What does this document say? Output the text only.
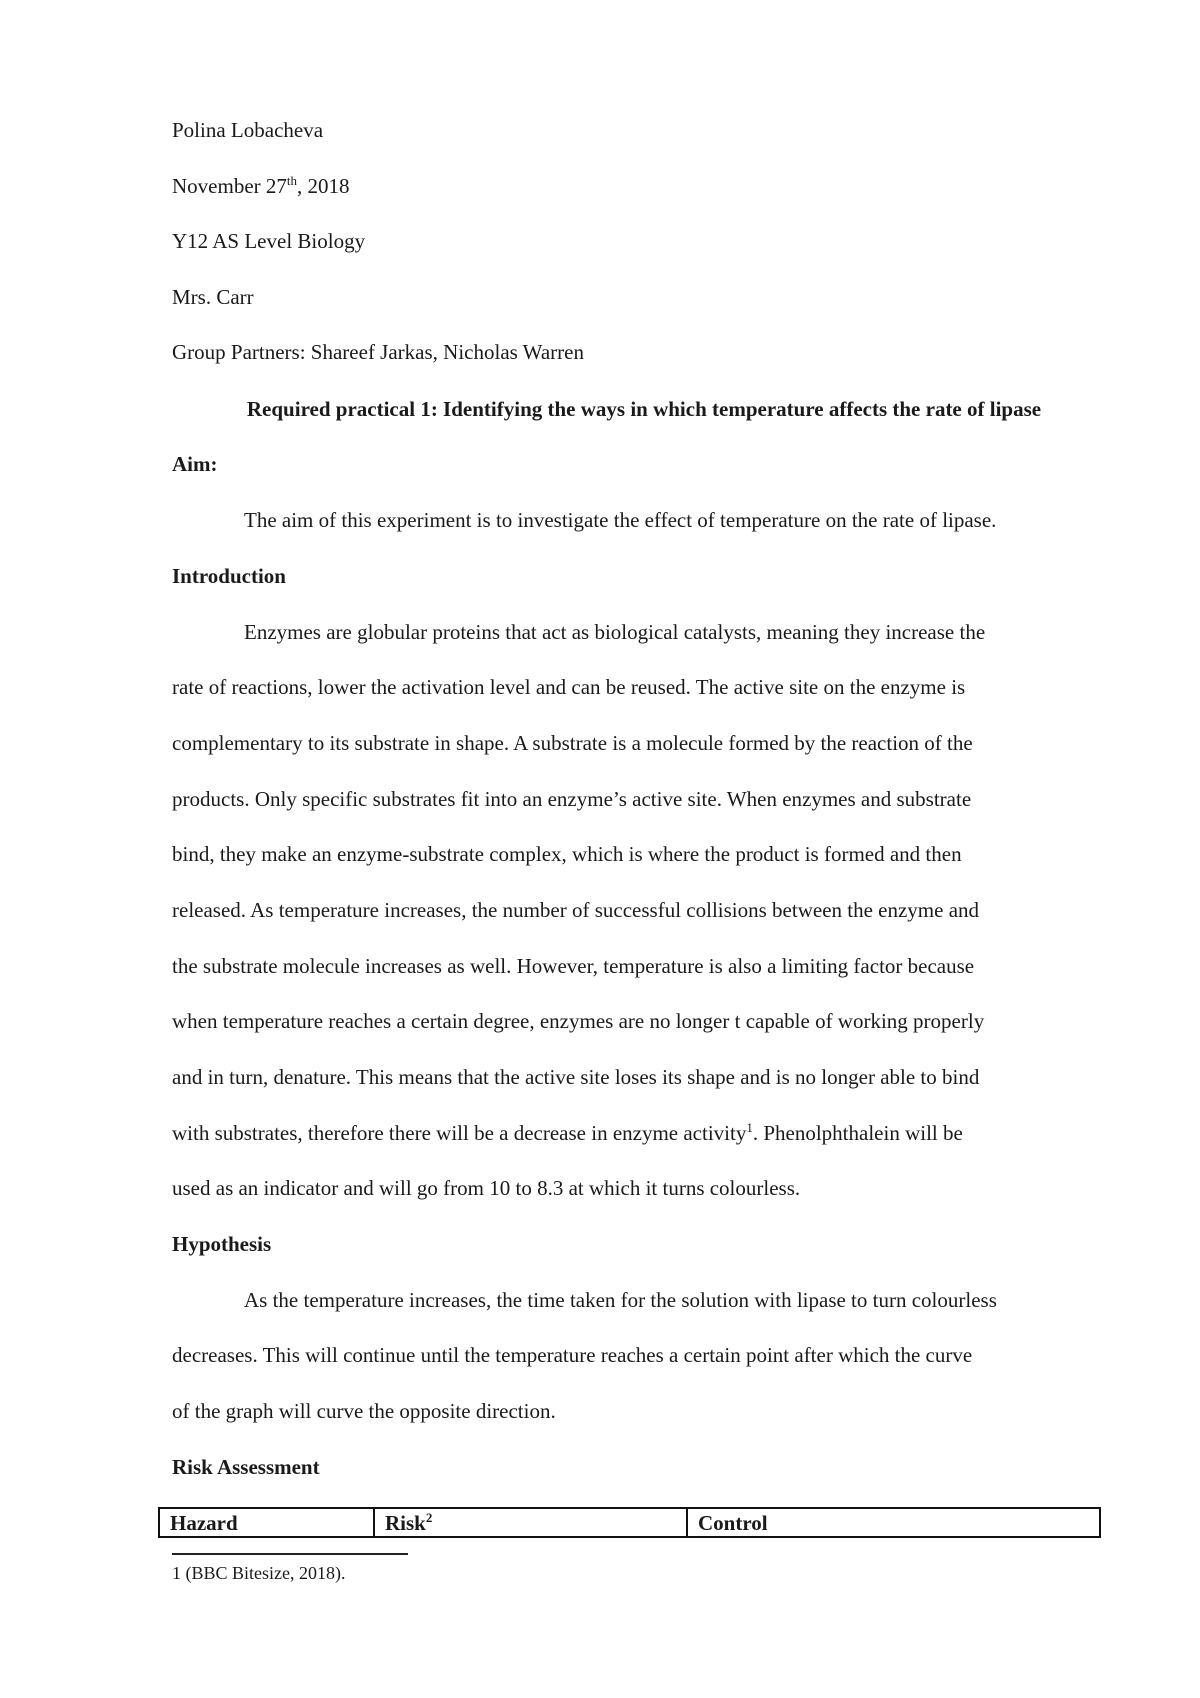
Polina Lobacheva
November 27th, 2018
Y12 AS Level Biology
Mrs. Carr
Group Partners: Shareef Jarkas, Nicholas Warren
Required practical 1: Identifying the ways in which temperature affects the rate of lipase
Aim:
The aim of this experiment is to investigate the effect of temperature on the rate of lipase.
Introduction
Enzymes are globular proteins that act as biological catalysts, meaning they increase the
rate of reactions, lower the activation level and can be reused. The active site on the enzyme is
complementary to its substrate in shape. A substrate is a molecule formed by the reaction of the
products. Only specific substrates fit into an enzyme’s active site. When enzymes and substrate
bind, they make an enzyme-substrate complex, which is where the product is formed and then
released. As temperature increases, the number of successful collisions between the enzyme and
the substrate molecule increases as well. However, temperature is also a limiting factor because
when temperature reaches a certain degree, enzymes are no longer t capable of working properly
and in turn, denature. This means that the active site loses its shape and is no longer able to bind
with substrates, therefore there will be a decrease in enzyme activity$^1$. Phenolphthalein will be
used as an indicator and will go from 10 to 8.3 at which it turns colourless.
Hypothesis
As the temperature increases, the time taken for the solution with lipase to turn colourless
decreases. This will continue until the temperature reaches a certain point after which the curve
of the graph will curve the opposite direction.
Risk Assessment
Hazard	Risk$^2$	Control
1 (BBC Bitesize, 2018).
